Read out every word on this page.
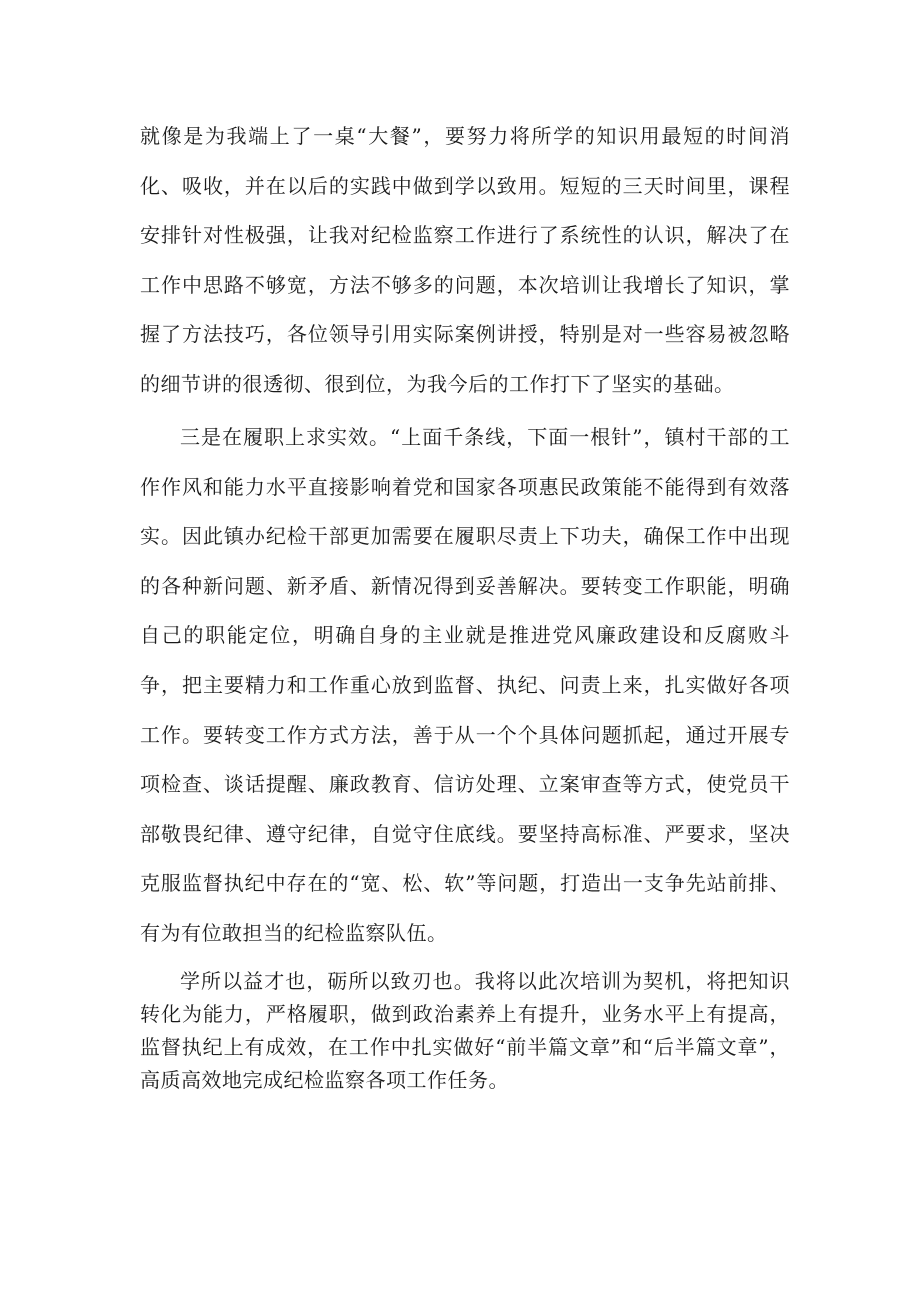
就像是为我端上了一桌“大餐”，要努力将所学的知识用最短的时间消化、吸收，并在以后的实践中做到学以致用。短短的三天时间里，课程安排针对性极强，让我对纪检监察工作进行了系统性的认识，解决了在工作中思路不够宽，方法不够多的问题，本次培训让我增长了知识，掌握了方法技巧，各位领导引用实际案例讲授，特别是对一些容易被忽略的细节讲的很透彻、很到位，为我今后的工作打下了坚实的基础。

三是在履职上求实效。“上面千条线，下面一根针”，镇村干部的工作作风和能力水平直接影响着党和国家各项惠民政策能不能得到有效落实。因此镇办纪检干部更加需要在履职尽责上下功夫，确保工作中出现的各种新问题、新矛盾、新情况得到妥善解决。要转变工作职能，明确自己的职能定位，明确自身的主业就是推进党风廉政建设和反腐败斗争，把主要精力和工作重心放到监督、执纪、问责上来，扎实做好各项工作。要转变工作方式方法，善于从一个个具体问题抓起，通过开展专项检查、谈话提醒、廉政教育、信访处理、立案审查等方式，使党员干部敬畏纪律、遵守纪律，自觉守住底线。要坚持高标准、严要求，坚决克服监督执纪中存在的“宽、松、软”等问题，打造出一支争先站前排、有为有位敢担当的纪检监察队伍。

学所以益才也，砺所以致刃也。我将以此次培训为契机，将把知识转化为能力，严格履职，做到政治素养上有提升，业务水平上有提高，监督执纪上有成效，在工作中扎实做好“前半篇文章”和“后半篇文章”，高质高效地完成纪检监察各项工作任务。
